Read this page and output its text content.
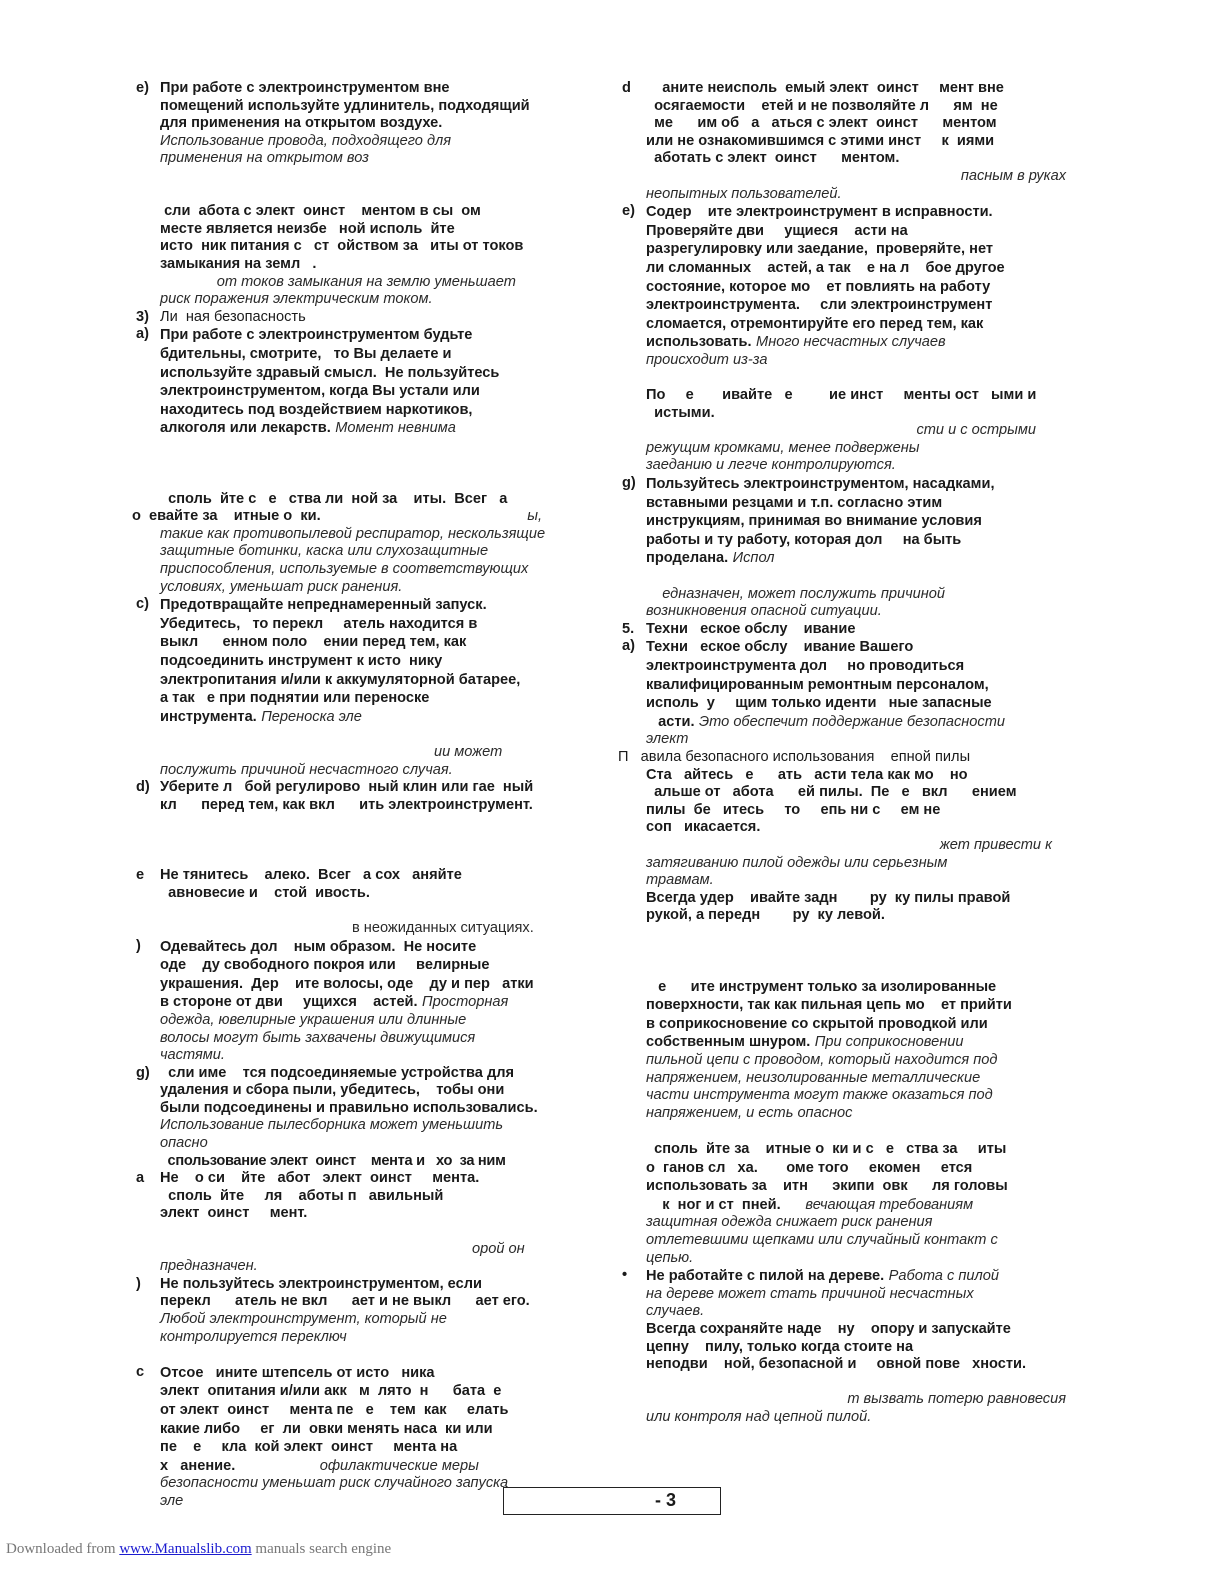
e) При работе с электроинструментом вне
помещений используйте удлинитель, подходящий
для применения на открытом воздухе.

Использование провода, подходящего для
применения на открытом воз

сли  абота с элект  оинст    ментом в сы  ом
месте является неизбе   ной исполь  йте
исто  ник питания с   ст  ойством за   иты от токов
замыкания на земл   .

от токов замыкания на землю уменьшает
риск поражения электрическим током.

3) Ли  ная безопасность

a) При работе с электроинструментом будьте
бдительны, смотрите,   то Вы делаете и
используйте здравый смысл.  Не пользуйтесь
электроинструментом, когда Вы устали или
находитесь под воздействием наркотиков,
алкоголя или лекарств. Момент невнима

споль  йте с   е   ства ли  ной за    иты.  Всег   а

о  евайте за    итные о  ки.	ы,

такие как противопылевой респиратор, нескользящие
защитные ботинки, каска или слухозащитные
приспособления, используемые в соответствующих
условиях, уменьшат риск ранения.

c) Предотвращайте непреднамеренный запуск.
Убедитесь,   то перекл     атель находится в
выкл      енном поло    ении перед тем, как
подсоединить инструмент к исто  нику
электропитания и/или к аккумуляторной батарее,
а так   е при поднятии или переноске
инструмента. Переноска эле

ии может

послужить причиной несчастного случая.

d) Уберите л   бой регулирово  ный клин или гае  ный
кл      перед тем, как вкл      ить электроинструмент.

е Не тянитесь    алеко.  Всег   а сох   аняйте
авновесие и    стой  ивость.

в неожиданных ситуациях.

) Одевайтесь дол    ным образом.  Не носите
оде    ду свободного покроя или     велирные
украшения.  Дер    ите волосы, оде    ду и пер   атки
в стороне от дви     ущихся    астей. Просторная

одежда, ювелирные украшения или длинные
волосы могут быть захвачены движущимися
частями.

g)	сли име    тся подсоединяемые устройства для
удаления и сбора пыли, убедитесь,    тобы они
были подсоединены и правильно использовались.

Использование пылесборника может уменьшить
опасно

спользование элект  оинст    мента и   хо  за ним

а Не    о си    йте   абот   элект  оинст     мента.
споль  йте     ля    аботы п   авильный
элект  оинст     мент.

орой он

предназначен.

) Не пользуйтесь электроинструментом, если
перекл      атель не вкл      ает и не выкл      ает его.

Любой электроинструмент, который не
контролируется переключ

с Отсое   ините штепсель от исто   ника
элект  опитания и/или акк   м  лято  н      бата  е
от элект  оинст     мента пе   е    тем  как     елать
какие либо     ег  ли  овки менять наса  ки или
пе    е     кла  кой элект  оинст     мента на
х   анение.	офилактические меры

безопасности уменьшат риск случайного запуска
эле

d	аните неисполь  емый элект  оинст     мент вне
осягаемости    етей и не позволяйте л      ям  не
ме      им об   а   аться с элект  оинст      ментом
или не ознакомившимся с этими инст     к  иями
аботать с элект  оинст      ментом.

пасным в руках

неопытных пользователей.

e) Содер    ите электроинструмент в исправности.
Проверяйте дви     ущиеся    асти на
разрегулировку или заедание,  проверяйте, нет
ли сломанных    астей, а так    е на л    бое другое
состояние, которое мо    ет повлиять на работу
электроинструмента.     сли электроинструмент
сломается, отремонтируйте его перед тем, как
использовать. Много несчастных случаев

происходит из-за

По     е       ивайте   е         ие инст     менты ост   ыми и
истыми.

сти и с острыми

режущим кромками, менее подвержены
заеданию и легче контролируются.

g) Пользуйтесь электроинструментом, насадками,
вставными резцами и т.п. согласно этим
инструкциям, принимая во внимание условия
работы и ту работу, которая дол     на быть
проделана. Испол

едназначен, может послужить причиной
возникновения опасной ситуации.

5. Техни   еское обслу    ивание

a) Техни   еское обслу    ивание Вашего
электроинструмента дол     но проводиться
квалифицированным ремонтным персоналом,
исполь  у     щим только иденти   ные запасные
асти. Это обеспечит поддержание безопасности

элект

П   авила безопасного использования    епной пилы

Ста   айтесь   е      ать   асти тела как мо    но
альше от   абота      ей пилы.  Пе   е   вкл      ением
пилы  бе   итесь     то     епь ни с     ем не
соп   икасается.

жет привести к

затягиванию пилой одежды или серьезным
травмам.

Всегда удер    ивайте задн        ру  ку пилы правой
рукой, а передн        ру  ку левой.

е      ите инструмент только за изолированные
поверхности, так как пильная цепь мо    ет прийти
в соприкосновение со скрытой проводкой или
собственным шнуром. При соприкосновении

пильной цепи с проводом, который находится под
напряжением, неизолированные металлические
части инструмента могут также оказаться под
напряжением, и есть опаснос

споль  йте за    итные о  ки и с   е   ства за     иты
о  ганов сл   ха.       оме того     екомен     ется
использовать за    итн      экипи  овк      ля головы
к  ног и ст  пней.

вечающая требованиям

защитная одежда снижает риск ранения
отлетевшими щепками или случайный контакт с
цепью.

• Не работайте с пилой на дереве. Работа с пилой

на дереве может стать причиной несчастных
случаев.

Всегда сохраняйте наде    ну    опору и запускайте
цепну    пилу, только когда стоите на
неподви    ной, безопасной и     овной пове   хности.

т вызвать потерю равновесия

или контроля над цепной пилой.

- 3
Downloaded from www.Manualslib.com manuals search engine
